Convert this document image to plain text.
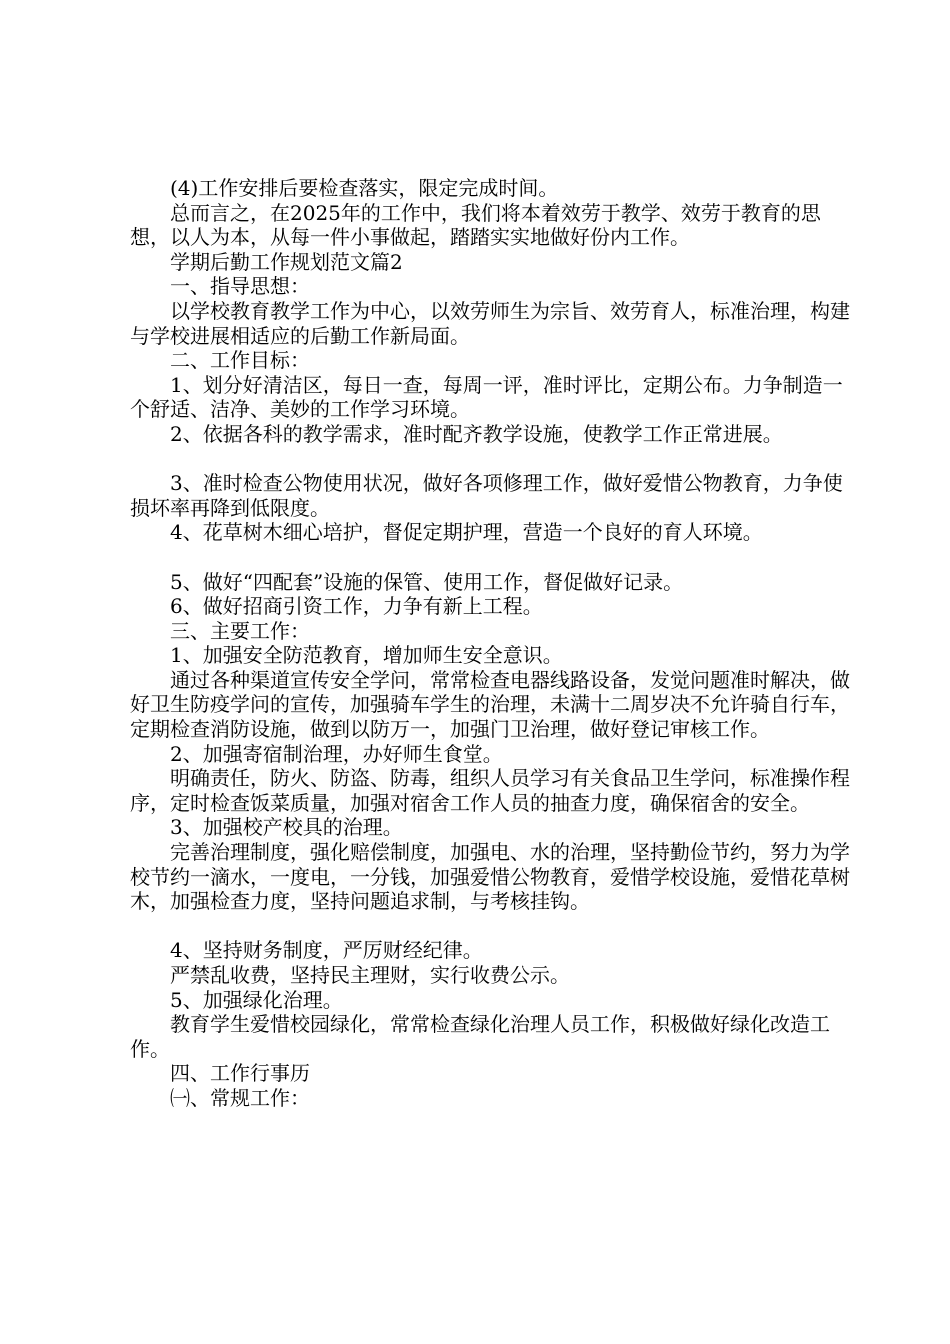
(4)工作安排后要检查落实，限定完成时间。

总而言之，在2025年的工作中，我们将本着效劳于教学、效劳于教育的思想，以人为本，从每一件小事做起，踏踏实实地做好份内工作。

学期后勤工作规划范文篇2

一、指导思想：

以学校教育教学工作为中心，以效劳师生为宗旨、效劳育人，标准治理，构建与学校进展相适应的后勤工作新局面。

二、工作目标：

1、划分好清洁区，每日一查，每周一评，准时评比，定期公布。力争制造一个舒适、洁净、美妙的工作学习环境。

2、依据各科的教学需求，准时配齐教学设施，使教学工作正常进展。

3、准时检查公物使用状况，做好各项修理工作，做好爱惜公物教育，力争使损坏率再降到低限度。

4、花草树木细心培护，督促定期护理，营造一个良好的育人环境。

5、做好“四配套”设施的保管、使用工作，督促做好记录。

6、做好招商引资工作，力争有新上工程。

三、主要工作：

1、加强安全防范教育，增加师生安全意识。

通过各种渠道宣传安全学问，常常检查电器线路设备，发觉问题准时解决，做好卫生防疫学问的宣传，加强骑车学生的治理，未满十二周岁决不允许骑自行车，定期检查消防设施，做到以防万一，加强门卫治理，做好登记审核工作。

2、加强寄宿制治理，办好师生食堂。

明确责任，防火、防盗、防毒，组织人员学习有关食品卫生学问，标准操作程序，定时检查饭菜质量，加强对宿舍工作人员的抽查力度，确保宿舍的安全。

3、加强校产校具的治理。

完善治理制度，强化赔偿制度，加强电、水的治理，坚持勤俭节约，努力为学校节约一滴水，一度电，一分钱，加强爱惜公物教育，爱惜学校设施，爱惜花草树木，加强检查力度，坚持问题追求制，与考核挂钩。

4、坚持财务制度，严厉财经纪律。

严禁乱收费，坚持民主理财，实行收费公示。

5、加强绿化治理。

教育学生爱惜校园绿化，常常检查绿化治理人员工作，积极做好绿化改造工作。

四、工作行事历

㈠、常规工作：
